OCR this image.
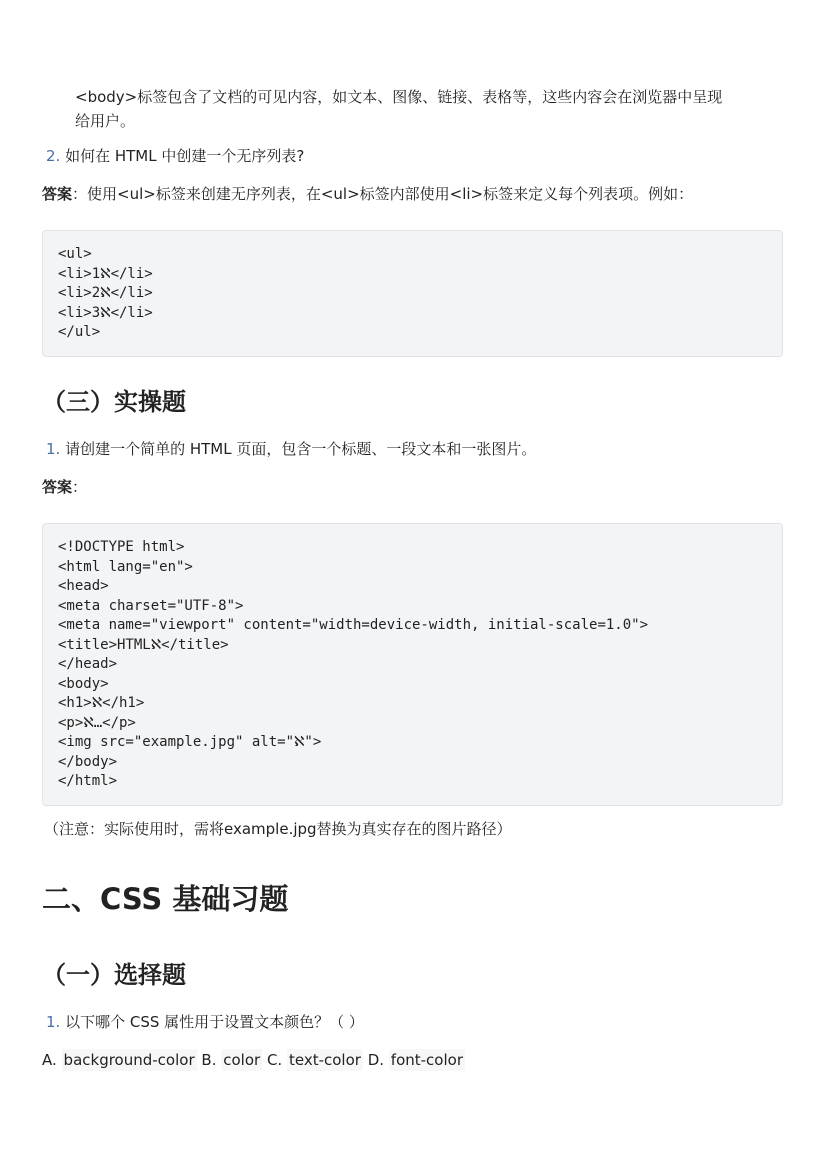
<body>标签包含了文档的可见内容，如文本、图像、链接、表格等，这些内容会在浏览器中呈现
给用户。
2. 如何在 HTML 中创建一个无序列表?
答案：使用<ul>标签来创建无序列表，在<ul>标签内部使用<li>标签来定义每个列表项。例如：
<ul>
<li>1ℵ</li>
<li>2ℵ</li>
<li>3ℵ</li>
</ul>
（三）实操题
1. 请创建一个简单的 HTML 页面，包含一个标题、一段文本和一张图片。
答案：
<!DOCTYPE html>
<html lang="en">
<head>
<meta charset="UTF-8">
<meta name="viewport" content="width=device-width, initial-scale=1.0">
<title>HTMLℵ</title>
</head>
<body>
<h1>ℵ</h1>
<p>ℵ…</p>
<img src="example.jpg" alt="ℵ">
</body>
</html>
（注意：实际使用时，需将example.jpg替换为真实存在的图片路径）
二、CSS 基础习题
（一）选择题
1. 以下哪个 CSS 属性用于设置文本颜色？（ ）
A. background-color B. color C. text-color D. font-color
